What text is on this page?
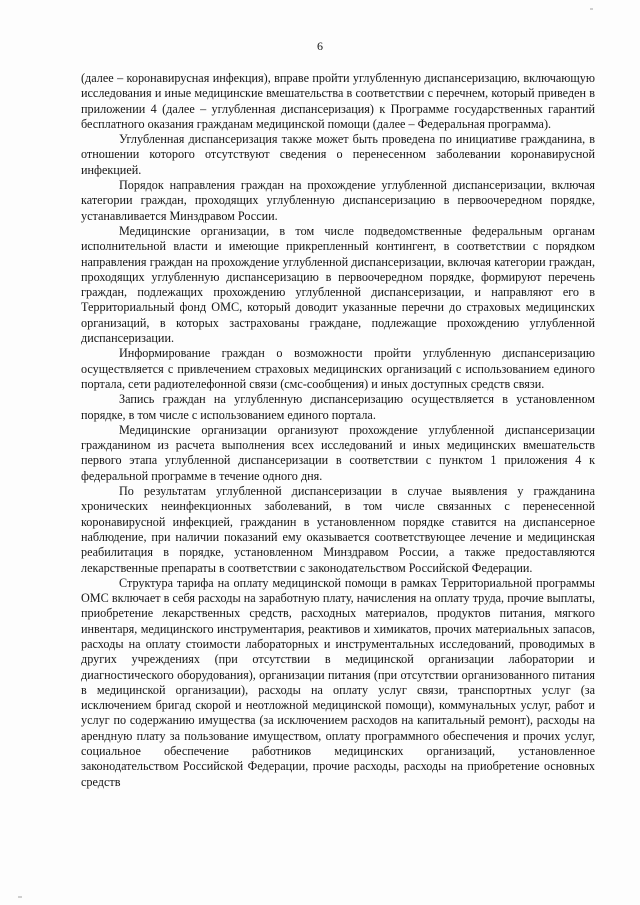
6

(далее – коронавирусная инфекция), вправе пройти углубленную диспансеризацию, включающую исследования и иные медицинские вмешательства в соответствии с перечнем, который приведен в приложении 4 (далее – углубленная диспансеризация) к Программе государственных гарантий бесплатного оказания гражданам медицинской помощи (далее – Федеральная программа).

Углубленная диспансеризация также может быть проведена по инициативе гражданина, в отношении которого отсутствуют сведения о перенесенном заболевании коронавирусной инфекцией.

Порядок направления граждан на прохождение углубленной диспансеризации, включая категории граждан, проходящих углубленную диспансеризацию в первоочередном порядке, устанавливается Минздравом России.

Медицинские организации, в том числе подведомственные федеральным органам исполнительной власти и имеющие прикрепленный контингент, в соответствии с порядком направления граждан на прохождение углубленной диспансеризации, включая категории граждан, проходящих углубленную диспансеризацию в первоочередном порядке, формируют перечень граждан, подлежащих прохождению углубленной диспансеризации, и направляют его в Территориальный фонд ОМС, который доводит указанные перечни до страховых медицинских организаций, в которых застрахованы граждане, подлежащие прохождению углубленной диспансеризации.

Информирование граждан о возможности пройти углубленную диспансеризацию осуществляется с привлечением страховых медицинских организаций с использованием единого портала, сети радиотелефонной связи (смс-сообщения) и иных доступных средств связи.

Запись граждан на углубленную диспансеризацию осуществляется в установленном порядке, в том числе с использованием единого портала.

Медицинские организации организуют прохождение углубленной диспансеризации гражданином из расчета выполнения всех исследований и иных медицинских вмешательств первого этапа углубленной диспансеризации в соответствии с пунктом 1 приложения 4 к федеральной программе в течение одного дня.

По результатам углубленной диспансеризации в случае выявления у гражданина хронических неинфекционных заболеваний, в том числе связанных с перенесенной коронавирусной инфекцией, гражданин в установленном порядке ставится на диспансерное наблюдение, при наличии показаний ему оказывается соответствующее лечение и медицинская реабилитация в порядке, установленном Минздравом России, а также предоставляются лекарственные препараты в соответствии с законодательством Российской Федерации.

Структура тарифа на оплату медицинской помощи в рамках Территориальной программы ОМС включает в себя расходы на заработную плату, начисления на оплату труда, прочие выплаты, приобретение лекарственных средств, расходных материалов, продуктов питания, мягкого инвентаря, медицинского инструментария, реактивов и химикатов, прочих материальных запасов, расходы на оплату стоимости лабораторных и инструментальных исследований, проводимых в других учреждениях (при отсутствии в медицинской организации лаборатории и диагностического оборудования), организации питания (при отсутствии организованного питания в медицинской организации), расходы на оплату услуг связи, транспортных услуг (за исключением бригад скорой и неотложной медицинской помощи), коммунальных услуг, работ и услуг по содержанию имущества (за исключением расходов на капитальный ремонт), расходы на арендную плату за пользование имуществом, оплату программного обеспечения и прочих услуг, социальное обеспечение работников медицинских организаций, установленное законодательством Российской Федерации, прочие расходы, расходы на приобретение основных средств
